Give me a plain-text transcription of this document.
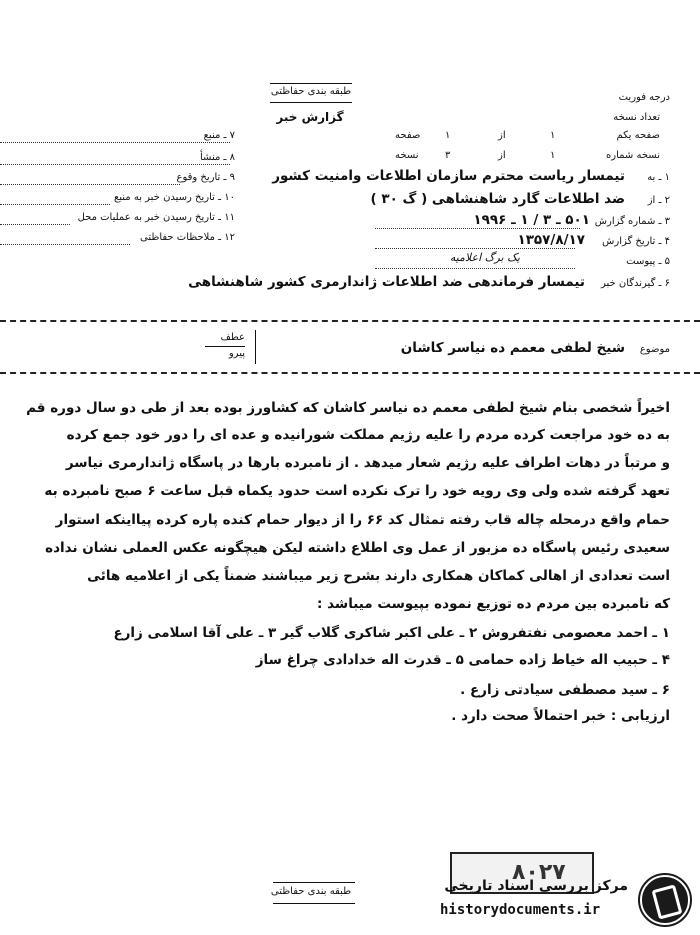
طبقه بندی حفاظتی
درجه فوریت
تعداد نسخه
گزارش خبر
صفحه یکم
۱
از
۱
صفحه
نسخه شماره
۱
از
۳
نسخه
۷ ـ منبع
۸ ـ منشأ
۹ ـ تاریخ وقوع
۱۰ ـ تاریخ رسیدن خبر به منبع
۱۱ ـ تاریخ رسیدن خبر به عملیات محل
۱۲ ـ ملاحظات حفاظتی
۱ ـ به
تیمسار ریاست محترم سازمان اطلاعات وامنیت کشور
۲ ـ از
ضد اطلاعات گارد شاهنشاهی ( گ ۳۰ )
۳ ـ شماره گزارش
۵۰۱ ـ ۳ / ۱ ـ ۱۹۹۶
۴ ـ تاریخ گزارش
۱۳۵۷/۸/۱۷
۵ ـ پیوست
یک برگ اعلامیه
۶ ـ گیرندگان خبر
تیمسار فرماندهی ضد اطلاعات ژاندارمری کشور شاهنشاهی
موضوع
شیخ لطفی معمم ده نیاسر کاشان
عطف
پیرو
اخیراً شخصی بنام شیخ لطفی معمم ده نیاسر کاشان که کشاورز بوده بعد از طی دو سال دوره قم
به ده خود مراجعت کرده مردم را علیه رژیم مملکت شورانیده و عده ای را دور خود جمع کرده
و مرتباً در دهات اطراف علیه رژیم شعار میدهد . از نامبرده بارها در پاسگاه ژاندارمری نیاسر
تعهد گرفته شده ولی وی رویه خود را ترک نکرده است حدود یکماه قبل ساعت ۶ صبح نامبرده به
حمام واقع درمحله چاله قاب رفته تمثال کد ۶۶ را از دیوار حمام کنده پاره کرده پیااینکه استوار
سعیدی رئیس پاسگاه ده مزبور از عمل وی اطلاع داشته لیکن هیچگونه عکس العملی نشان نداده
است تعدادی از اهالی کماکان همکاری دارند بشرح زیر میباشند ضمناً یکی از اعلامیه هائی
که نامبرده بین مردم ده توزیع نموده بپیوست میباشد :
۱ ـ احمد معصومی نفتفروش ۲ ـ علی اکبر شاکری گلاب گیر ۳ ـ علی آقا اسلامی زارع
۴ ـ حبیب اله خیاط زاده حمامی ۵ ـ قدرت اله خدادادی چراغ ساز
۶ ـ سید مصطفی سیادتی زارع .
ارزیابی : خبر احتمالاً صحت دارد .
طبقه بندی حفاظتی
۸۰۲۷
مرکز بررسی اسناد تاریخی
historydocuments.ir
